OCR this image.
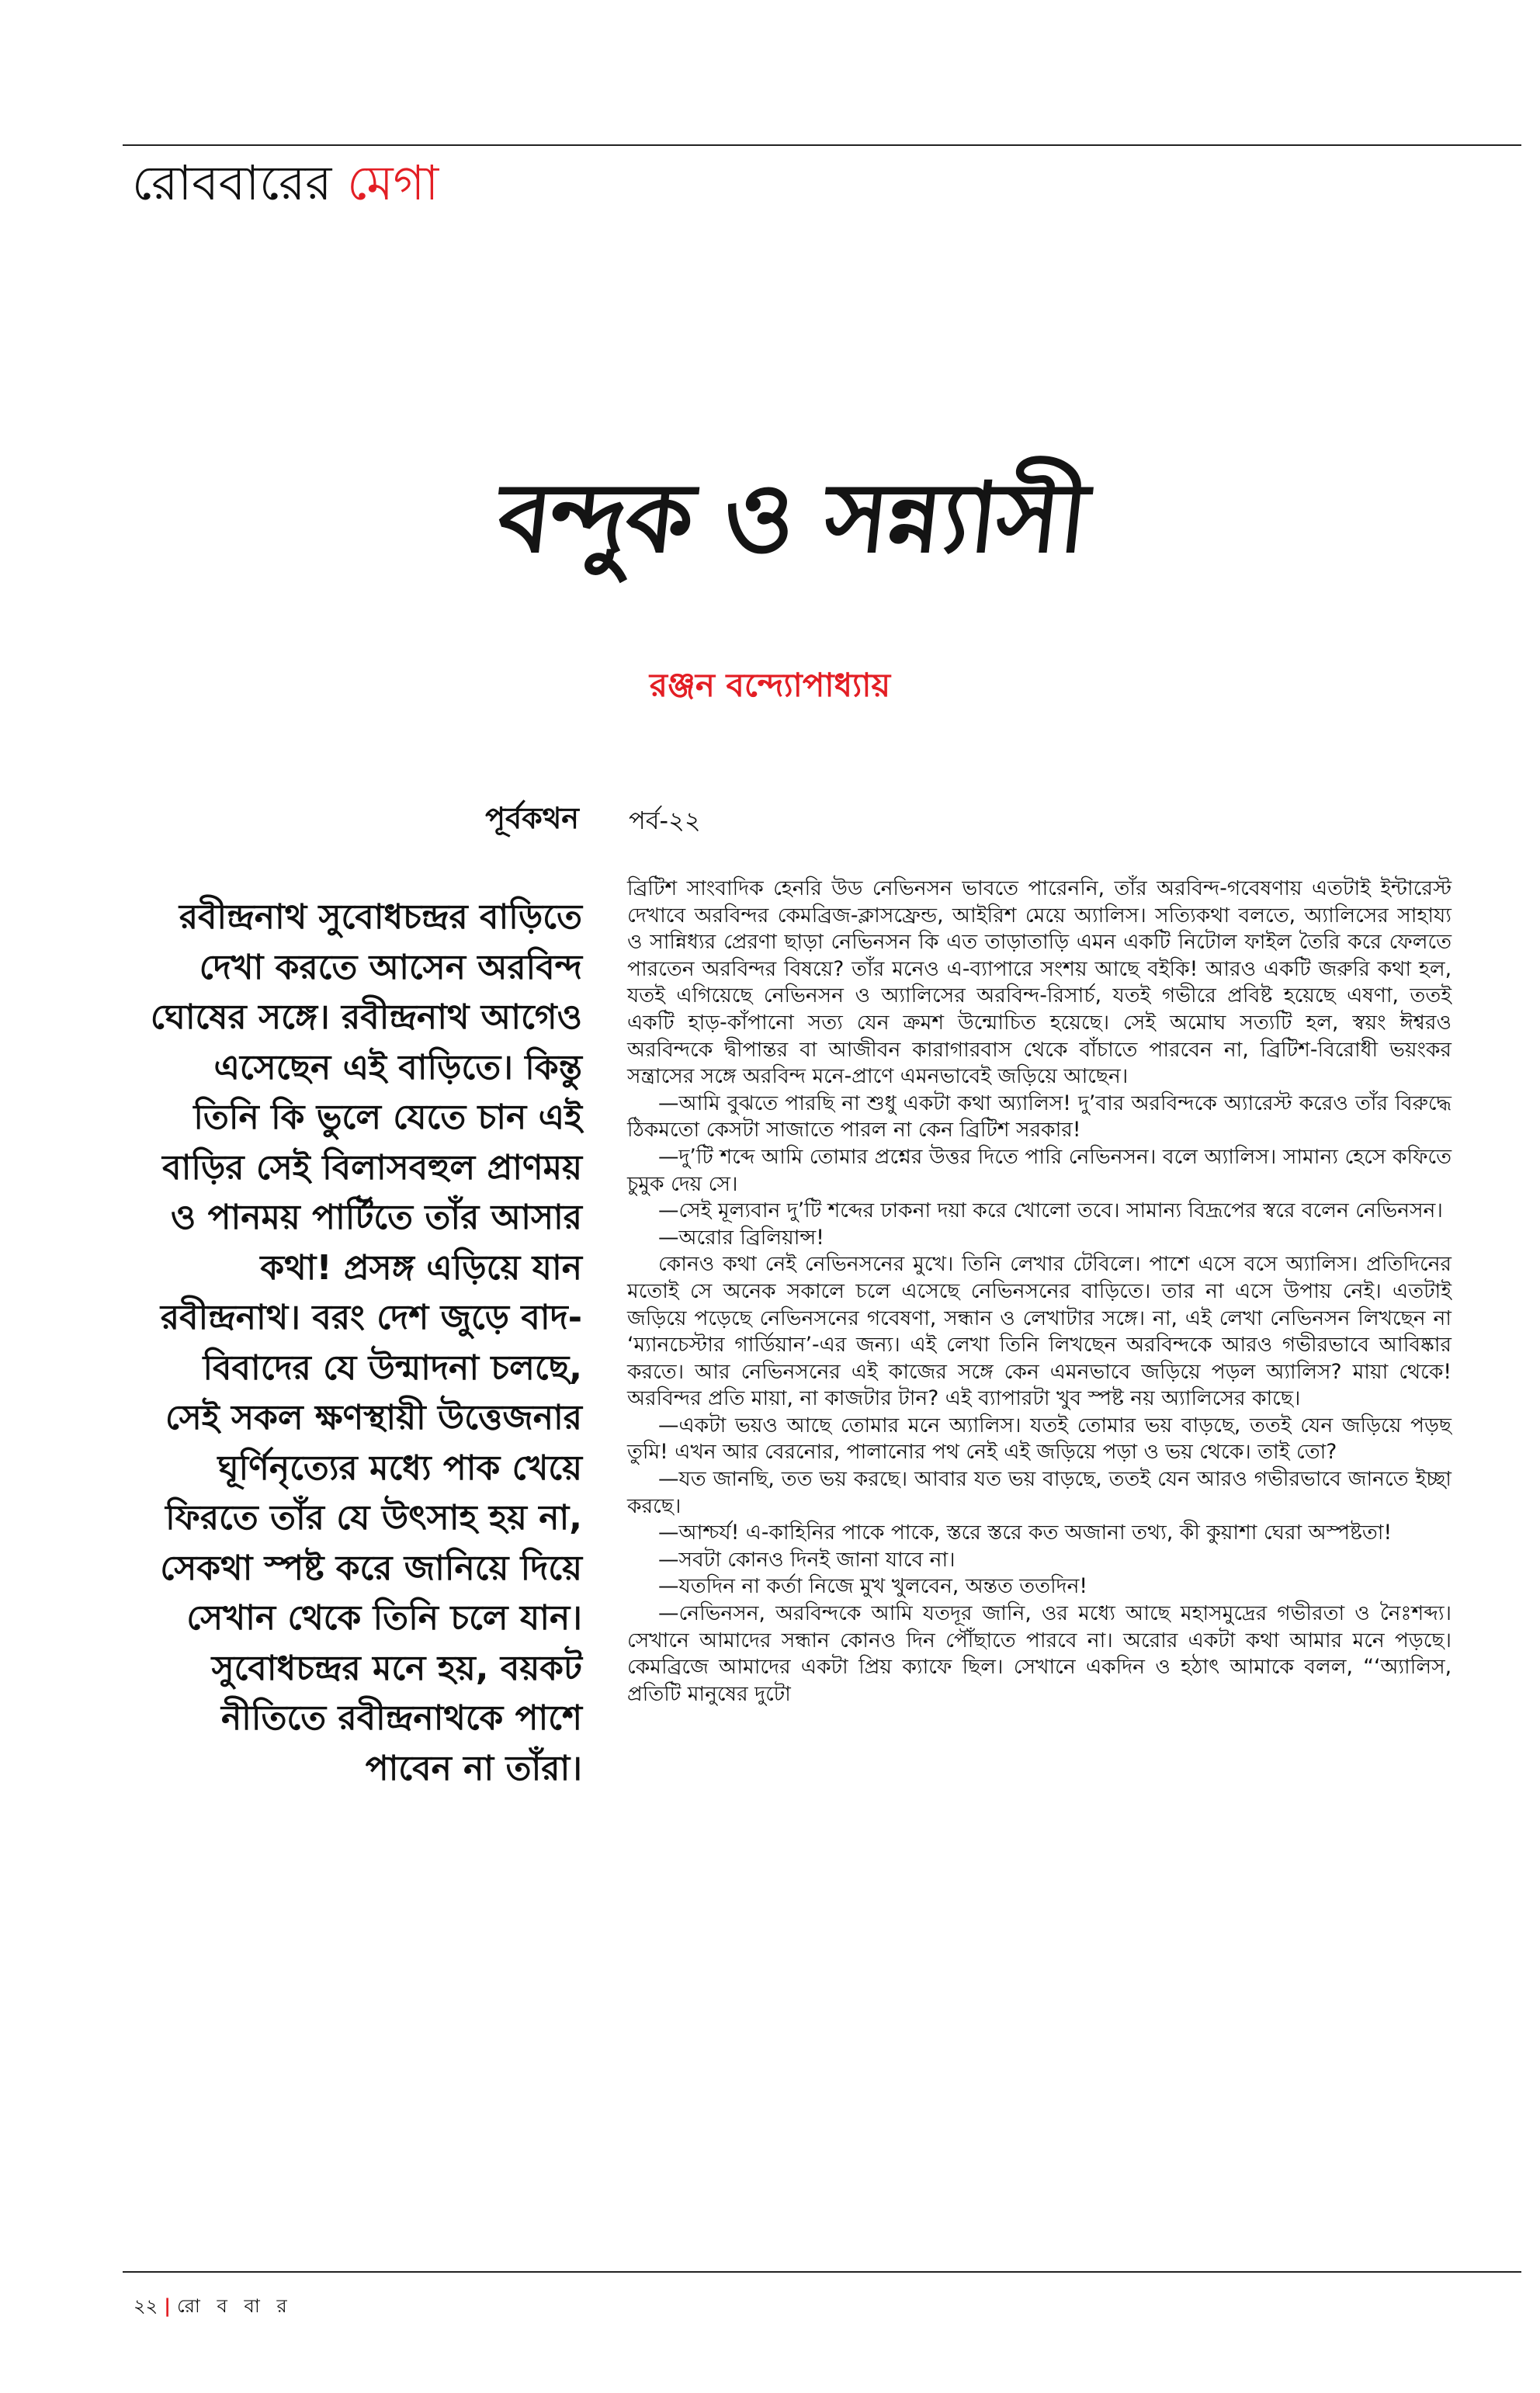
রোববারের মেগা
বন্দুক ও সন্ন্যাসী
রঞ্জন বন্দ্যোপাধ্যায়
পূর্বকথন পর্ব-২২

রবীন্দ্রনাথ সুবোধচন্দ্রর বাড়িতে দেখা করতে আসেন অরবিন্দ ঘোষের সঙ্গে। রবীন্দ্রনাথ আগেও এসেছেন এই বাড়িতে। কিন্তু তিনি কি ভুলে যেতে চান এই বাড়ির সেই বিলাসবহুল প্রাণময় ও পানময় পার্টিতে তাঁর আসার কথা! প্রসঙ্গ এড়িয়ে যান রবীন্দ্রনাথ। বরং দেশ জুড়ে বাদ-বিবাদের যে উন্মাদনা চলছে, সেই সকল ক্ষণস্থায়ী উত্তেজনার ঘূর্ণিনৃত্যের মধ্যে পাক খেয়ে ফিরতে তাঁর যে উৎসাহ হয় না, সেকথা স্পষ্ট করে জানিয়ে দিয়ে সেখান থেকে তিনি চলে যান। সুবোধচন্দ্রর মনে হয়, বয়কট নীতিতে রবীন্দ্রনাথকে পাশে পাবেন না তাঁরা।

ব্রিটিশ সাংবাদিক হেনরি উড নেভিনসন ভাবতে পারেননি, তাঁর অরবিন্দ-গবেষণায় এতটাই ইন্টারেস্ট দেখাবে অরবিন্দর কেমব্রিজ-ক্লাসফ্রেন্ড, আইরিশ মেয়ে অ্যালিস। সত্যিকথা বলতে, অ্যালিসের সাহায্য ও সান্নিধ্যর প্রেরণা ছাড়া নেভিনসন কি এত তাড়াতাড়ি এমন একটি নিটোল ফাইল তৈরি করে ফেলতে পারতেন অরবিন্দর বিষয়ে? তাঁর মনেও এ-ব্যাপারে সংশয় আছে বইকি! আরও একটি জরুরি কথা হল, যতই এগিয়েছে নেভিনসন ও অ্যালিসের অরবিন্দ-রিসার্চ, যতই গভীরে প্রবিষ্ট হয়েছে এষণা, ততই একটি হাড়-কাঁপানো সত্য যেন ক্রমশ উন্মোচিত হয়েছে। সেই অমোঘ সত্যটি হল, স্বয়ং ঈশ্বরও অরবিন্দকে দ্বীপান্তর বা আজীবন কারাগারবাস থেকে বাঁচাতে পারবেন না, ব্রিটিশ-বিরোধী ভয়ংকর সন্ত্রাসের সঙ্গে অরবিন্দ মনে-প্রাণে এমনভাবেই জড়িয়ে আছেন।

—আমি বুঝতে পারছি না শুধু একটা কথা অ্যালিস! দু’বার অরবিন্দকে অ্যারেস্ট করেও তাঁর বিরুদ্ধে ঠিকমতো কেসটা সাজাতে পারল না কেন ব্রিটিশ সরকার!

—দু’টি শব্দে আমি তোমার প্রশ্নের উত্তর দিতে পারি নেভিনসন। বলে অ্যালিস। সামান্য হেসে কফিতে চুমুক দেয় সে।

—সেই মূল্যবান দু’টি শব্দের ঢাকনা দয়া করে খোলো তবে। সামান্য বিদ্রূপের স্বরে বলেন নেভিনসন।

—অরোর ব্রিলিয়ান্স!

কোনও কথা নেই নেভিনসনের মুখে। তিনি লেখার টেবিলে। পাশে এসে বসে অ্যালিস। প্রতিদিনের মতোই সে অনেক সকালে চলে এসেছে নেভিনসনের বাড়িতে। তার না এসে উপায় নেই। এতটাই জড়িয়ে পড়েছে নেভিনসনের গবেষণা, সন্ধান ও লেখাটার সঙ্গে। না, এই লেখা নেভিনসন লিখছেন না ‘ম্যানচেস্টার গার্ডিয়ান’-এর জন্য। এই লেখা তিনি লিখছেন অরবিন্দকে আরও গভীরভাবে আবিষ্কার করতে। আর নেভিনসনের এই কাজের সঙ্গে কেন এমনভাবে জড়িয়ে পড়ল অ্যালিস? মায়া থেকে! অরবিন্দর প্রতি মায়া, না কাজটার টান? এই ব্যাপারটা খুব স্পষ্ট নয় অ্যালিসের কাছে।

—একটা ভয়ও আছে তোমার মনে অ্যালিস। যতই তোমার ভয় বাড়ছে, ততই যেন জড়িয়ে পড়ছ তুমি! এখন আর বেরনোর, পালানোর পথ নেই এই জড়িয়ে পড়া ও ভয় থেকে। তাই তো?

—যত জানছি, তত ভয় করছে। আবার যত ভয় বাড়ছে, ততই যেন আরও গভীরভাবে জানতে ইচ্ছা করছে।

—আশ্চর্য! এ-কাহিনির পাকে পাকে, স্তরে স্তরে কত অজানা তথ্য, কী কুয়াশা ঘেরা অস্পষ্টতা!

—সবটা কোনও দিনই জানা যাবে না।

—যতদিন না কর্তা নিজে মুখ খুলবেন, অন্তত ততদিন!

—নেভিনসন, অরবিন্দকে আমি যতদূর জানি, ওর মধ্যে আছে মহাসমুদ্রের গভীরতা ও নৈঃশব্দ্য। সেখানে আমাদের সন্ধান কোনও দিন পৌঁছাতে পারবে না। অরোর একটা কথা আমার মনে পড়ছে। কেমব্রিজে আমাদের একটা প্রিয় ক্যাফে ছিল। সেখানে একদিন ও হঠাৎ আমাকে বলল, “‘অ্যালিস, প্রতিটি মানুষের দুটো

২২ | রো ব বা র
